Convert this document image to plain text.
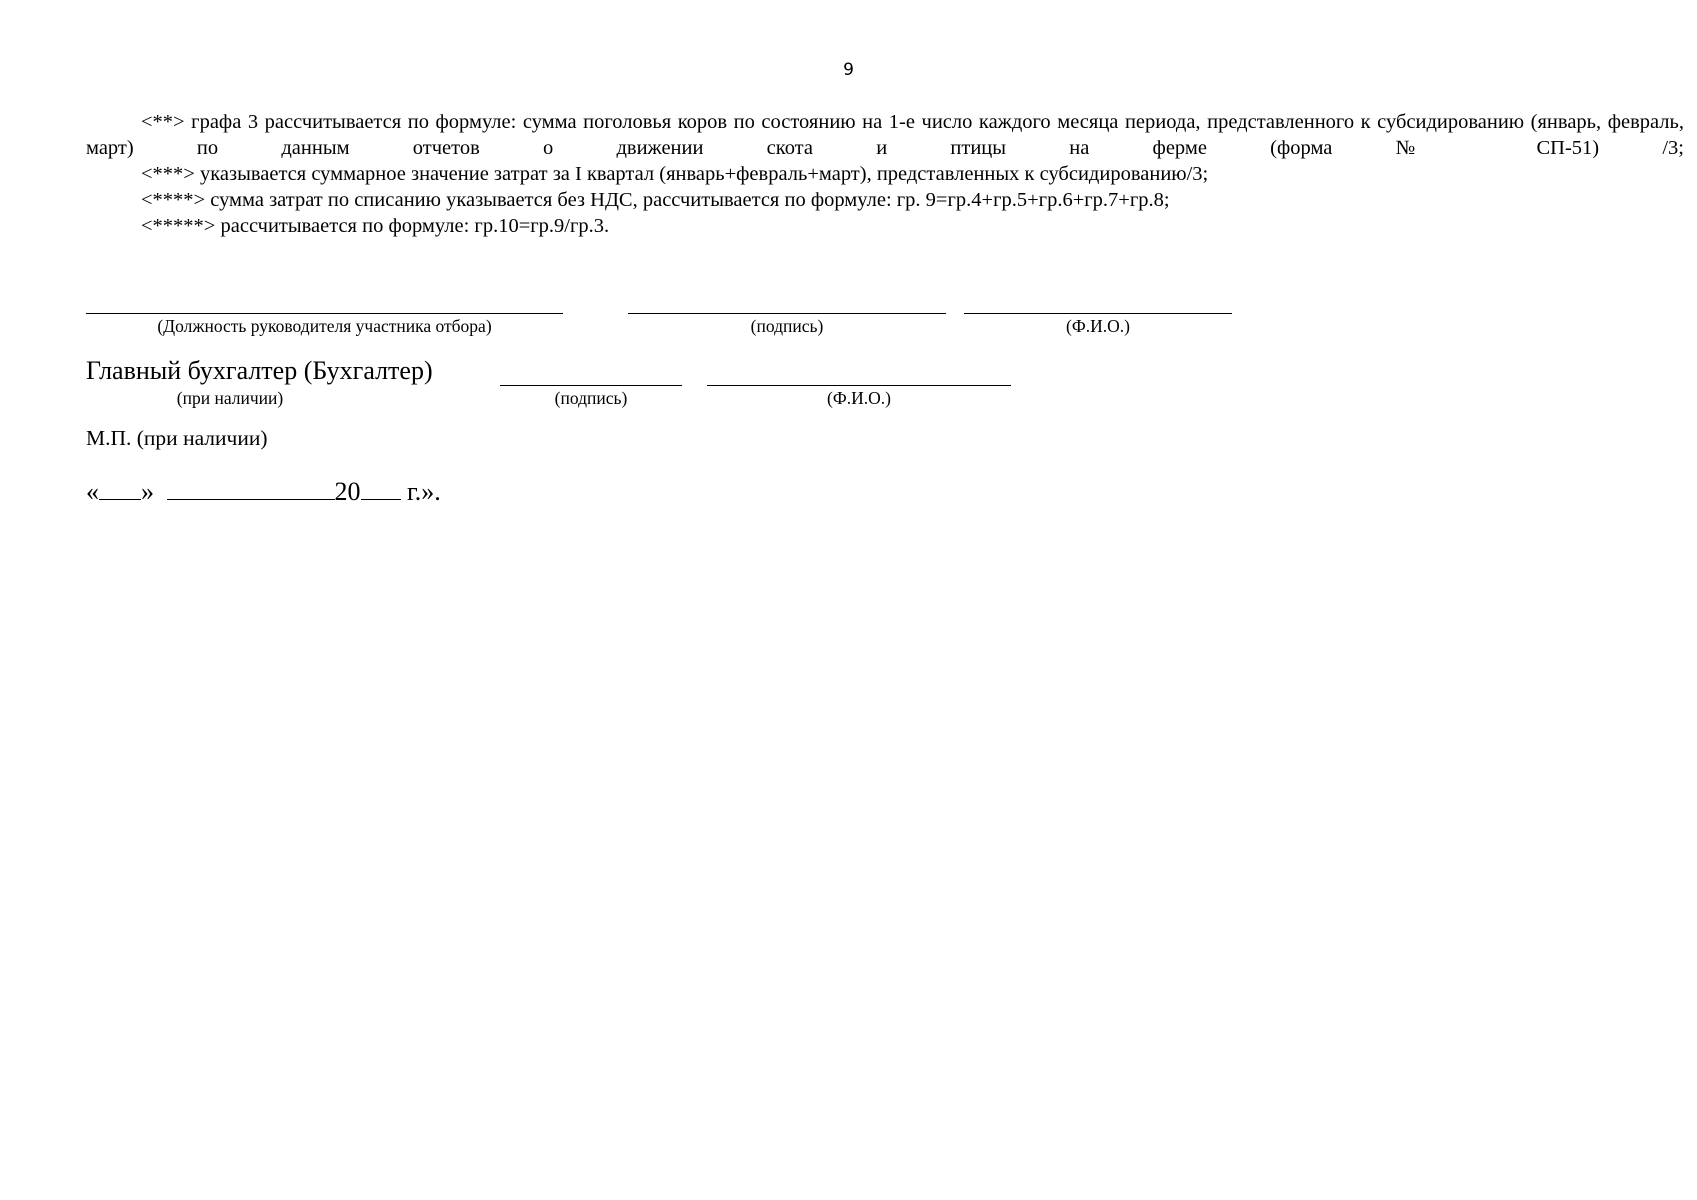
9

<**> графа 3 рассчитывается по формуле: сумма поголовья коров по состоянию на 1-е число каждого месяца периода, представленного к субсидированию (январь, февраль, март) по данным отчетов о движении скота и птицы на ферме (форма № СП-51) /3;

<***> указывается суммарное значение затрат за I квартал (январь+февраль+март), представленных к субсидированию/3;

<****> сумма затрат по списанию указывается без НДС, рассчитывается по формуле: гр. 9=гр.4+гр.5+гр.6+гр.7+гр.8;

<*****> рассчитывается по формуле: гр.10=гр.9/гр.3.

(Должность руководителя участника отбора)	(подпись)	(Ф.И.О.)
Главный бухгалтер (Бухгалтер)
(при наличии)	(подпись)	(Ф.И.О.)
М.П. (при наличии)
« »	20 г.».
